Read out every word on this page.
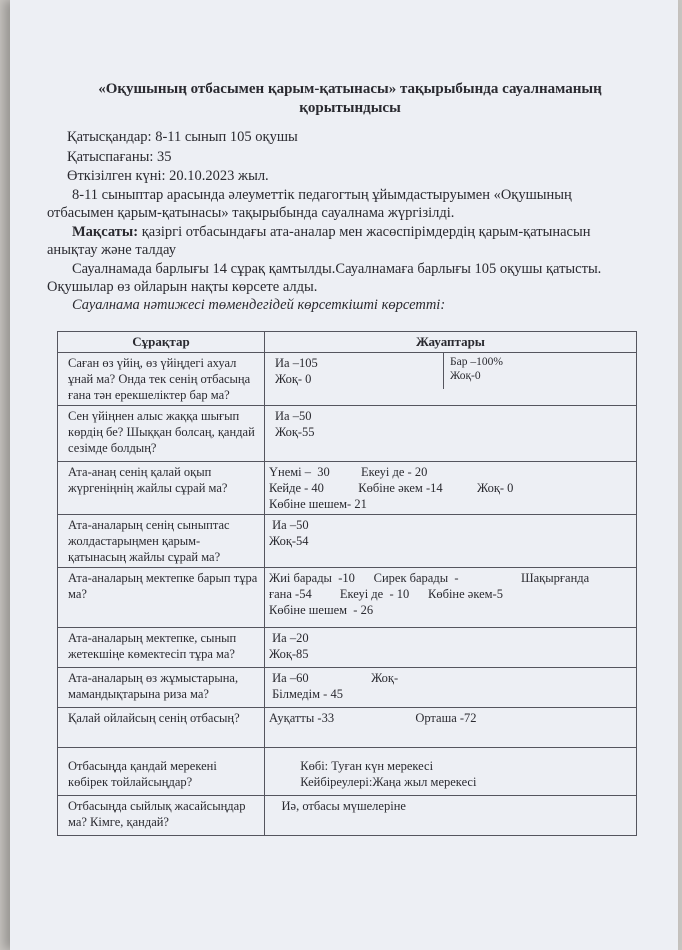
«Оқушының отбасымен қарым-қатынасы» тақырыбында сауалнаманың
қорытындысы
Қатысқандар: 8-11 сынып 105 оқушы
Қатыспағаны: 35
Өткізілген күні: 20.10.2023 жыл.
8-11 сыныптар арасында әлеуметтік педагогтың ұйымдастыруымен «Оқушының
отбасымен қарым-қатынасы» тақырыбында сауалнама жүргізілді.
Мақсаты: қазіргі отбасындағы ата-аналар мен жасөспірімдердің қарым-қатынасын
анықтау және талдау
Сауалнамада барлығы 14 сұрақ қамтылды.Сауалнамаға барлығы 105 оқушы қатысты.
Оқушылар өз ойларын нақты көрсете алды.
Сауалнама нәтижесі төмендегідей көрсеткішті көрсетті:
Сұрақтар	Жауаптары
Саған өз үйің, өз үйіңдегі ахуал ұнай ма? Онда тек сенің отбасыңа ғана тән ерекшеліктер бар ма?	Иа –105
Жоқ- 0
Бар –100%
Жоқ-0

Сен үйіңнен алыс жаққа шығып көрдің бе? Шыққан болсаң, қандай сезімде болдың?	Иа –50
Жоқ-55

Ата-анаң сенің қалай оқып жүргеніңнің жайлы сұрай ма?	Үнемі –  30          Екеуі де - 20
Кейде - 40           Көбіне әкем -14           Жоқ- 0
Көбіне шешем- 21

Ата-аналарың сенің сыныптас жолдастарыңмен қарым-қатынасың жайлы сұрай ма?	Иа –50
Жоқ-54

Ата-аналарың мектепке барып тұра ма?	Жиі барады  -10      Сирек барады  -                    Шақырғанда
ғана -54         Екеуі де  - 10      Көбіне әкем-5
Көбіне шешем  - 26

Ата-аналарың мектепке, сынып жетекшіңе көмектесіп тұра ма?	Иа –20
Жоқ-85

Ата-аналарың өз жұмыстарына, мамандықтарына риза ма?	Иа –60                    Жоқ-
Білмедім - 45

Қалай ойлайсың сенің отбасың?	Ауқатты -33                          Орташа -72

Отбасыңда қандай мерекені көбірек тойлайсыңдар?	Көбі: Туған күн мерекесі
Кейбіреулері:Жаңа жыл мерекесі

Отбасыңда сыйлық жасайсыңдар ма? Кімге, қандай?	Иә, отбасы мүшелеріне
